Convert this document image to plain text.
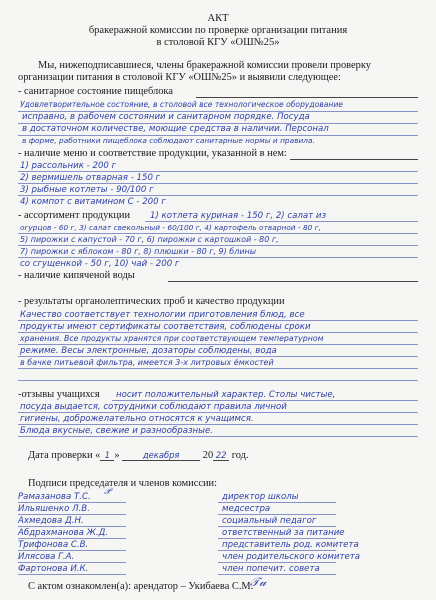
АКТ
бракеражной комиссии по проверке организации питания
в столовой КГУ «ОШ№25»
Мы, нижеподписавшиеся, члены бракеражной комиссии провели проверку
организации питания в столовой КГУ «ОШ№25» и выявили следующее:
- санитарное состояние пищеблока
Удовлетворительное состояние, в столовой все технологическое оборудование
исправно, в рабочем состоянии и санитарном порядке. Посуда
в достаточном количестве, моющие средства в наличии. Персонал
в форме, работники пищеблока соблюдают санитарные нормы и правила.
- наличие меню и соответствие продукции, указанной в нем:
1) рассольник - 200 г
2) вермишель отварная - 150 г
3) рыбные котлеты - 90/100 г
4) компот с витамином С - 200 г
- ассортимент продукции 1) котлета куриная - 150 г, 2) салат из
огурцов - 60 г, 3) салат свекольный - 60/100 г, 4) картофель отварной - 80 г,
5) пирожки с капустой - 70 г, 6) пирожки с картошкой - 80 г,
7) пирожки с яблоком - 80 г, 8) плюшки - 80 г, 9) блины
со сгущенкой - 50 г, 10) чай - 200 г
- наличие кипяченой воды
- результаты органолептических проб и качество продукции
Качество соответствует технологии приготовления блюд, все
продукты имеют сертификаты соответствия, соблюдены сроки
хранения. Все продукты хранятся при соответствующем температурном
режиме. Весы электронные, дозаторы соблюдены, вода
в бачке питьевой фильтра, имеется 3-х литровых ёмкостей
-отзывы учащихся носит положительный характер. Столы чистые,
посуда выдается, сотрудники соблюдают правила личной
гигиены, доброжелательно относятся к учащимся.
Блюда вкусные, свежие и разнообразные.
Дата проверки « 1 »	декабря 20 22 год.
Подписи председателя и членов комиссии:
Рамазанова Т.С. 𝒫	директор школы
Ильяшенко Л.В.	медсестра
Ахмедова Д.Н.	социальный педагог
Абдрахманова Ж.Д.	ответственный за питание
Трифонова С.В.	представитель род. комитета
Илясова Г.А.	член родительского комитета
Фартонова И.К.	член попечит. совета
С актом ознакомлен(а): арендатор – Укибаева С.М.
𝒯𝓊
